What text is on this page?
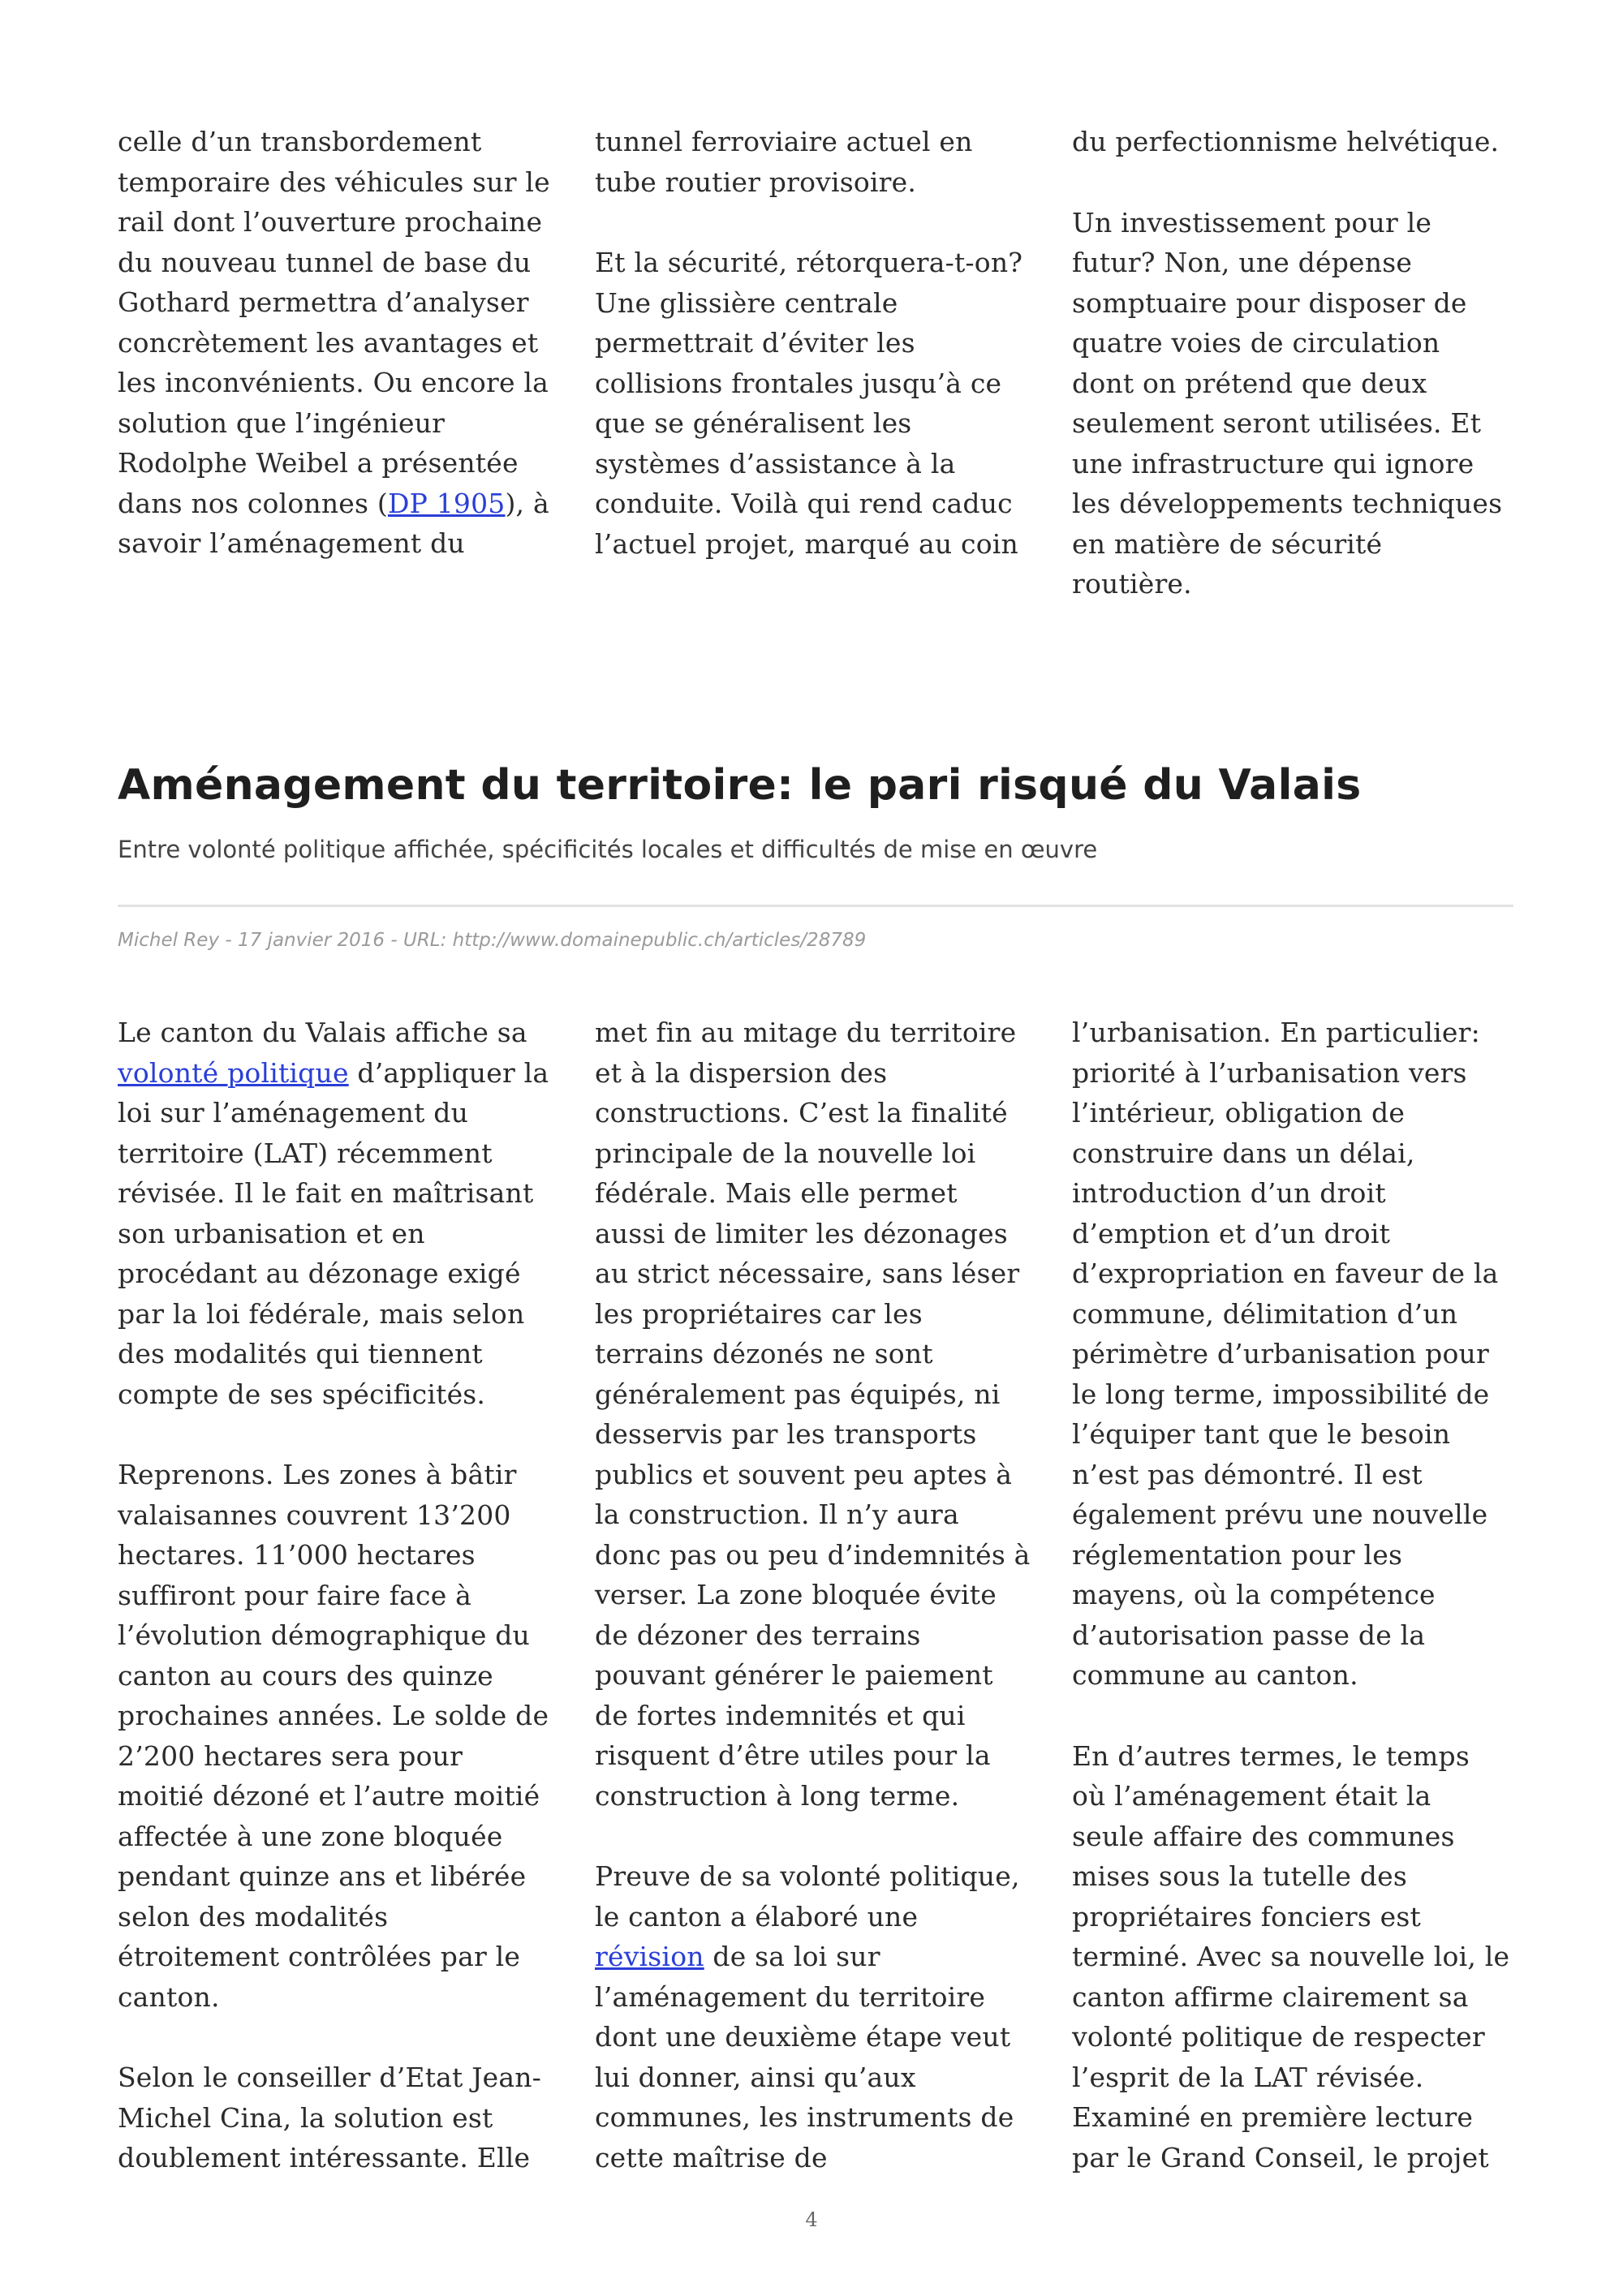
celle d’un transbordement temporaire des véhicules sur le rail dont l’ouverture prochaine du nouveau tunnel de base du Gothard permettra d’analyser concrètement les avantages et les inconvénients. Ou encore la solution que l’ingénieur Rodolphe Weibel a présentée dans nos colonnes (DP 1905), à savoir l’aménagement du

tunnel ferroviaire actuel en tube routier provisoire.

Et la sécurité, rétorquera-t-on? Une glissière centrale permettrait d’éviter les collisions frontales jusqu’à ce que se généralisent les systèmes d’assistance à la conduite. Voilà qui rend caduc l’actuel projet, marqué au coin

du perfectionnisme helvétique.

Un investissement pour le futur? Non, une dépense somptuaire pour disposer de quatre voies de circulation dont on prétend que deux seulement seront utilisées. Et une infrastructure qui ignore les développements techniques en matière de sécurité routière.

Aménagement du territoire: le pari risqué du Valais

Entre volonté politique affichée, spécificités locales et difficultés de mise en œuvre

Michel Rey - 17 janvier 2016 - URL: http://www.domainepublic.ch/articles/28789

Le canton du Valais affiche sa volonté politique d’appliquer la loi sur l’aménagement du territoire (LAT) récemment révisée. Il le fait en maîtrisant son urbanisation et en procédant au dézonage exigé par la loi fédérale, mais selon des modalités qui tiennent compte de ses spécificités.

Reprenons. Les zones à bâtir valaisannes couvrent 13’200 hectares. 11’000 hectares suffiront pour faire face à l’évolution démographique du canton au cours des quinze prochaines années. Le solde de 2’200 hectares sera pour moitié dézoné et l’autre moitié affectée à une zone bloquée pendant quinze ans et libérée selon des modalités étroitement contrôlées par le canton.

Selon le conseiller d’Etat Jean-Michel Cina, la solution est doublement intéressante. Elle

met fin au mitage du territoire et à la dispersion des constructions. C’est la finalité principale de la nouvelle loi fédérale. Mais elle permet aussi de limiter les dézonages au strict nécessaire, sans léser les propriétaires car les terrains dézonés ne sont généralement pas équipés, ni desservis par les transports publics et souvent peu aptes à la construction. Il n’y aura donc pas ou peu d’indemnités à verser. La zone bloquée évite de dézoner des terrains pouvant générer le paiement de fortes indemnités et qui risquent d’être utiles pour la construction à long terme.

Preuve de sa volonté politique, le canton a élaboré une révision de sa loi sur l’aménagement du territoire dont une deuxième étape veut lui donner, ainsi qu’aux communes, les instruments de cette maîtrise de

l’urbanisation. En particulier: priorité à l’urbanisation vers l’intérieur, obligation de construire dans un délai, introduction d’un droit d’emption et d’un droit d’expropriation en faveur de la commune, délimitation d’un périmètre d’urbanisation pour le long terme, impossibilité de l’équiper tant que le besoin n’est pas démontré. Il est également prévu une nouvelle réglementation pour les mayens, où la compétence d’autorisation passe de la commune au canton.

En d’autres termes, le temps où l’aménagement était la seule affaire des communes mises sous la tutelle des propriétaires fonciers est terminé. Avec sa nouvelle loi, le canton affirme clairement sa volonté politique de respecter l’esprit de la LAT révisée. Examiné en première lecture par le Grand Conseil, le projet

4
